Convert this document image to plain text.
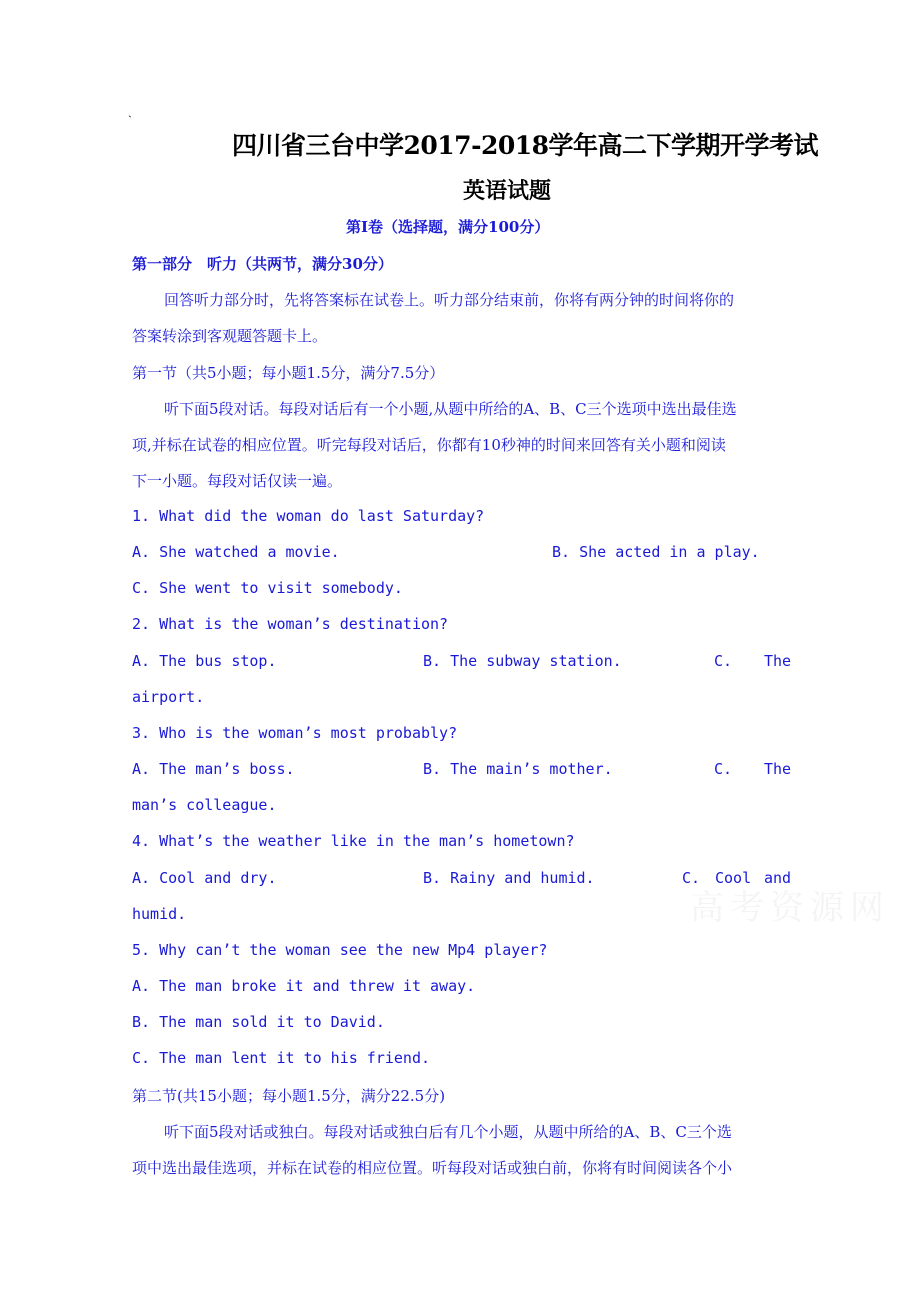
ˏ
四川省三台中学2017-2018学年高二下学期开学考试
英语试题
第Ⅰ卷（选择题，满分100分）
第一部分　听力（共两节，满分30分）
回答听力部分时，先将答案标在试卷上。听力部分结束前，你将有两分钟的时间将你的
答案转涂到客观题答题卡上。
第一节（共5小题；每小题1.5分，满分7.5分）
听下面5段对话。每段对话后有一个小题,从题中所给的A、B、C三个选项中选出最佳选
项,并标在试卷的相应位置。听完每段对话后，你都有10秒神的时间来回答有关小题和阅读
下一小题。每段对话仅读一遍。
1. What did the woman do last Saturday?
A. She watched a movie.	B. She acted in a play.
C. She went to visit somebody.
2. What is the woman’s destination?
A. The bus stop.	B. The subway station.	C. The
airport.
3. Who is the woman’s most probably?
A. The man’s boss.	B. The main’s mother.	C. The
man’s colleague.
4. What’s the weather like in the man’s hometown?
A. Cool and dry.	B. Rainy and humid.	C. Cool and
humid.
5. Why can’t the woman see the new Mp4 player?
A. The man broke it and threw it away.
B. The man sold it to David.
C. The man lent it to his friend.
第二节(共15小题；每小题1.5分，满分22.5分)
听下面5段对话或独白。每段对话或独白后有几个小题，从题中所给的A、B、C三个选
项中选出最佳选项，并标在试卷的相应位置。听每段对话或独白前，你将有时间阅读各个小
高考资源网
